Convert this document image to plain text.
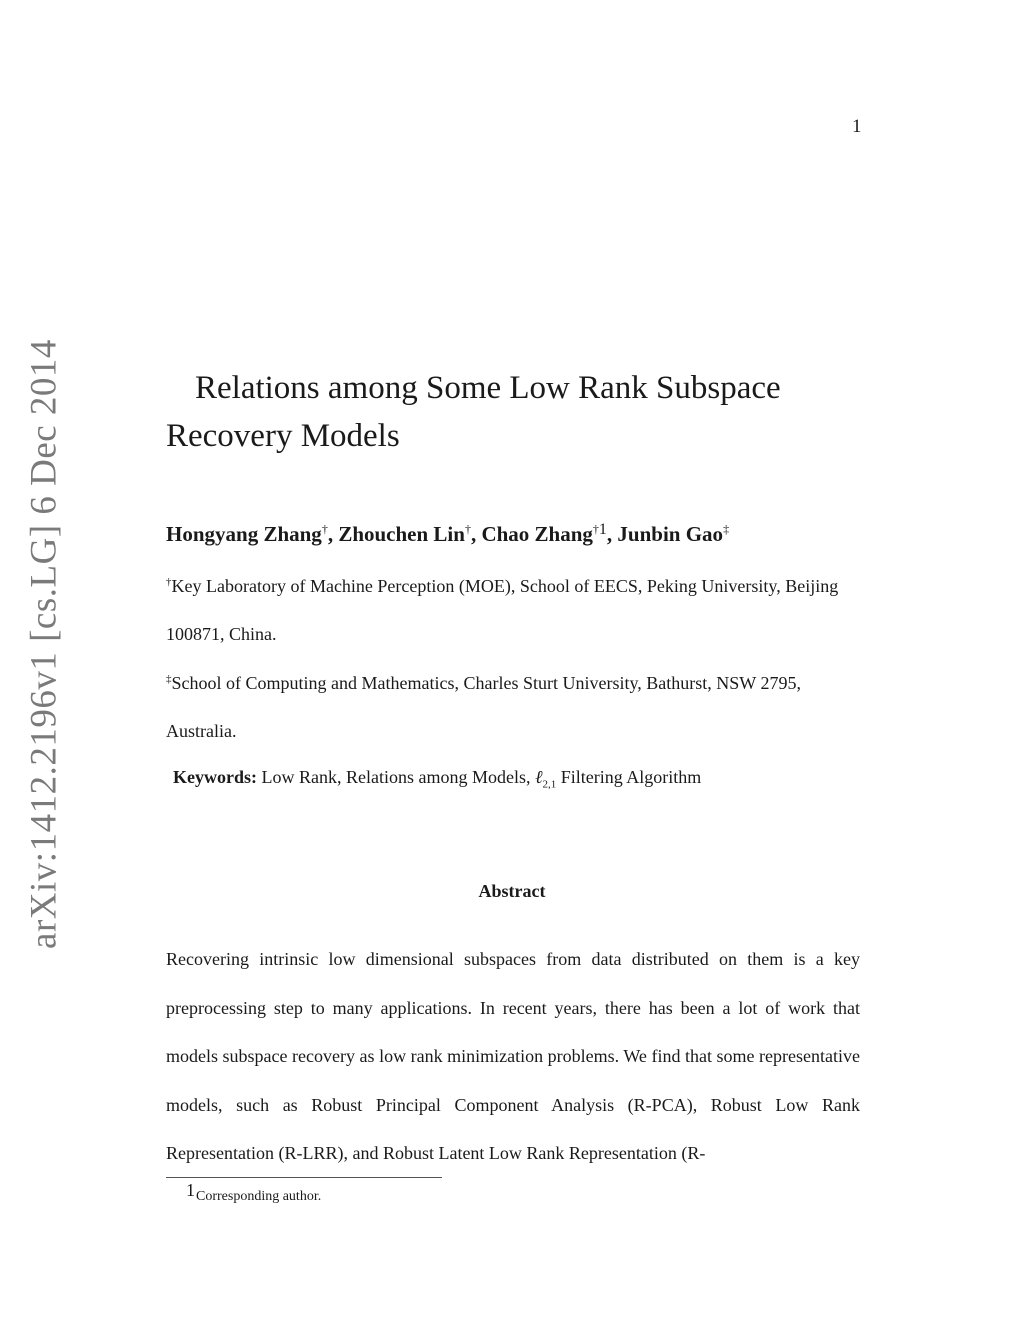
1
arXiv:1412.2196v1 [cs.LG] 6 Dec 2014	Relations among Some Low Rank Subspace Recovery Models
Hongyang Zhang†, Zhouchen Lin†, Chao Zhang$^{\dagger 1}$, Junbin Gao‡
†Key Laboratory of Machine Perception (MOE), School of EECS, Peking University, Beijing 100871, China.
‡School of Computing and Mathematics, Charles Sturt University, Bathurst, NSW 2795, Australia.
Keywords: Low Rank, Relations among Models, ℓ$_{2,1}$ Filtering Algorithm
Abstract

Recovering intrinsic low dimensional subspaces from data distributed on them is a key preprocessing step to many applications. In recent years, there has been a lot of work that models subspace recovery as low rank minimization problems. We find that some representative models, such as Robust Principal Component Analysis (R-PCA), Robust Low Rank Representation (R-LRR), and Robust Latent Low Rank Representation (R-

1Corresponding author.
